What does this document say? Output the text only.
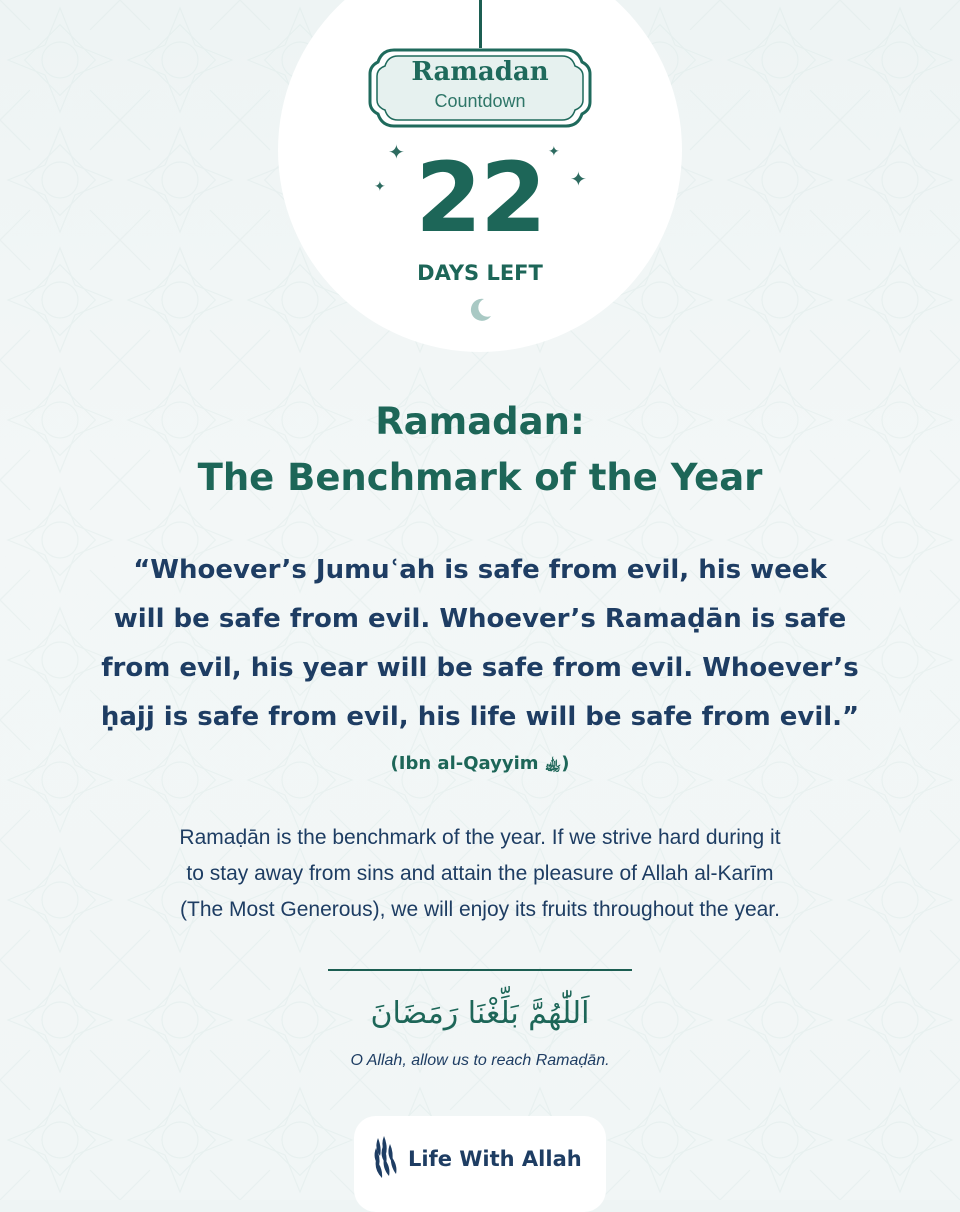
Ramadan
Countdown
✦	✦
✦	✦
22
DAYS LEFT
Ramadan:
The Benchmark of the Year
“Whoever’s Jumuʿah is safe from evil, his week
will be safe from evil. Whoever’s Ramaḍān is safe
from evil, his year will be safe from evil. Whoever’s
ḥajj is safe from evil, his life will be safe from evil.”
(Ibn al-Qayyim ﵀)
Ramaḍān is the benchmark of the year. If we strive hard during it
to stay away from sins and attain the pleasure of Allah al-Karīm
(The Most Generous), we will enjoy its fruits throughout the year.
اَللّٰهُمَّ بَلِّغْنَا رَمَضَانَ
O Allah, allow us to reach Ramaḍān.
Life With Allah
